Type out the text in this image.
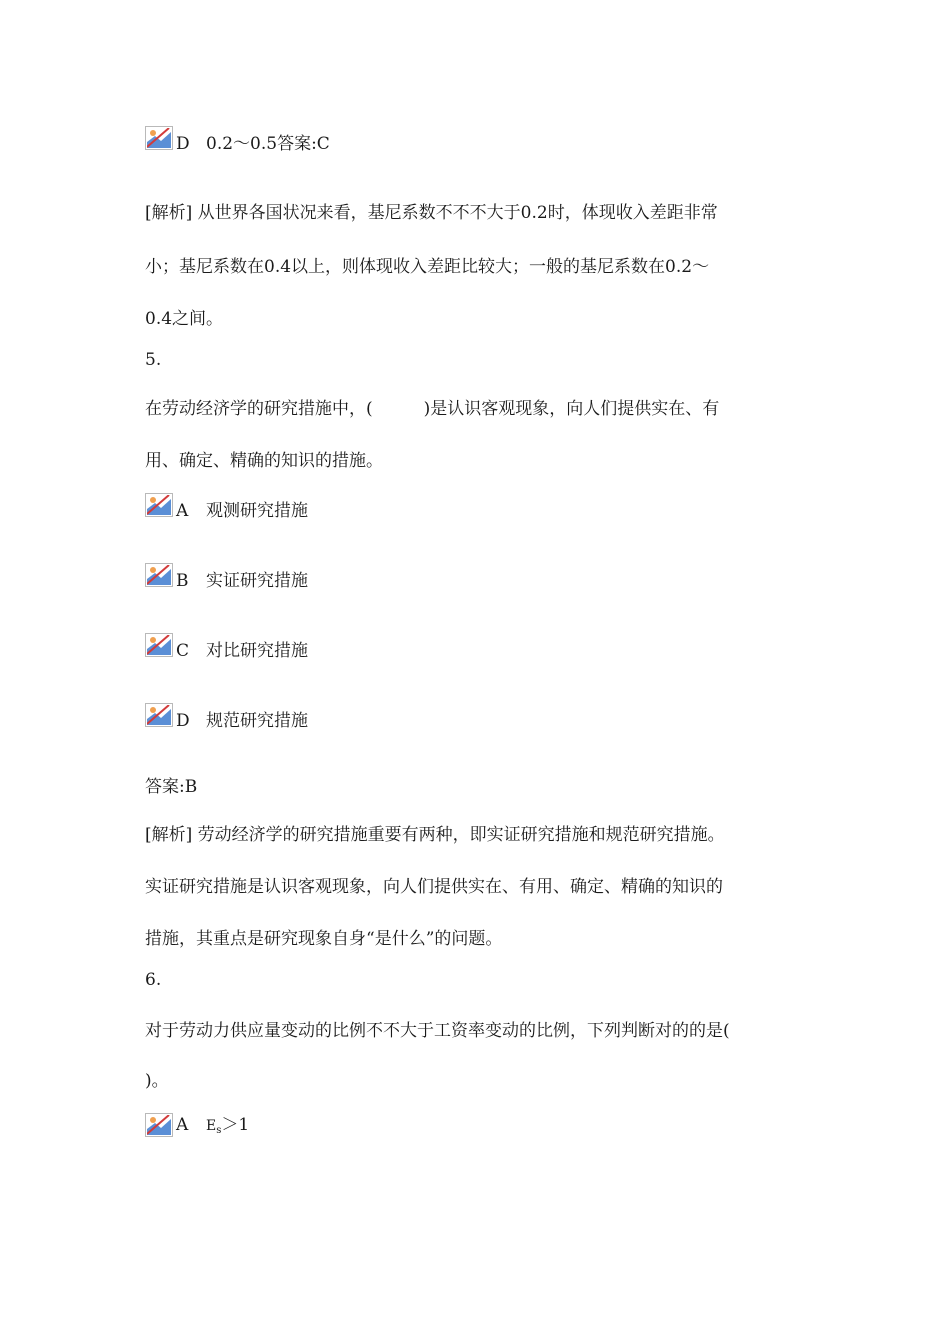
D 0.2～0.5答案:C
[解析] 从世界各国状况来看，基尼系数不不不大于0.2时，体现收入差距非常
小；基尼系数在0.4以上，则体现收入差距比较大；一般的基尼系数在0.2～
0.4之间。
5.
在劳动经济学的研究措施中，(　　　)是认识客观现象，向人们提供实在、有
用、确定、精确的知识的措施。
A 观测研究措施
B 实证研究措施
C 对比研究措施
D 规范研究措施
答案:B
[解析] 劳动经济学的研究措施重要有两种，即实证研究措施和规范研究措施。
实证研究措施是认识客观现象，向人们提供实在、有用、确定、精确的知识的
措施，其重点是研究现象自身“是什么”的问题。
6.
对于劳动力供应量变动的比例不不大于工资率变动的比例，下列判断对的的是(
)。
A $E_s>1$
